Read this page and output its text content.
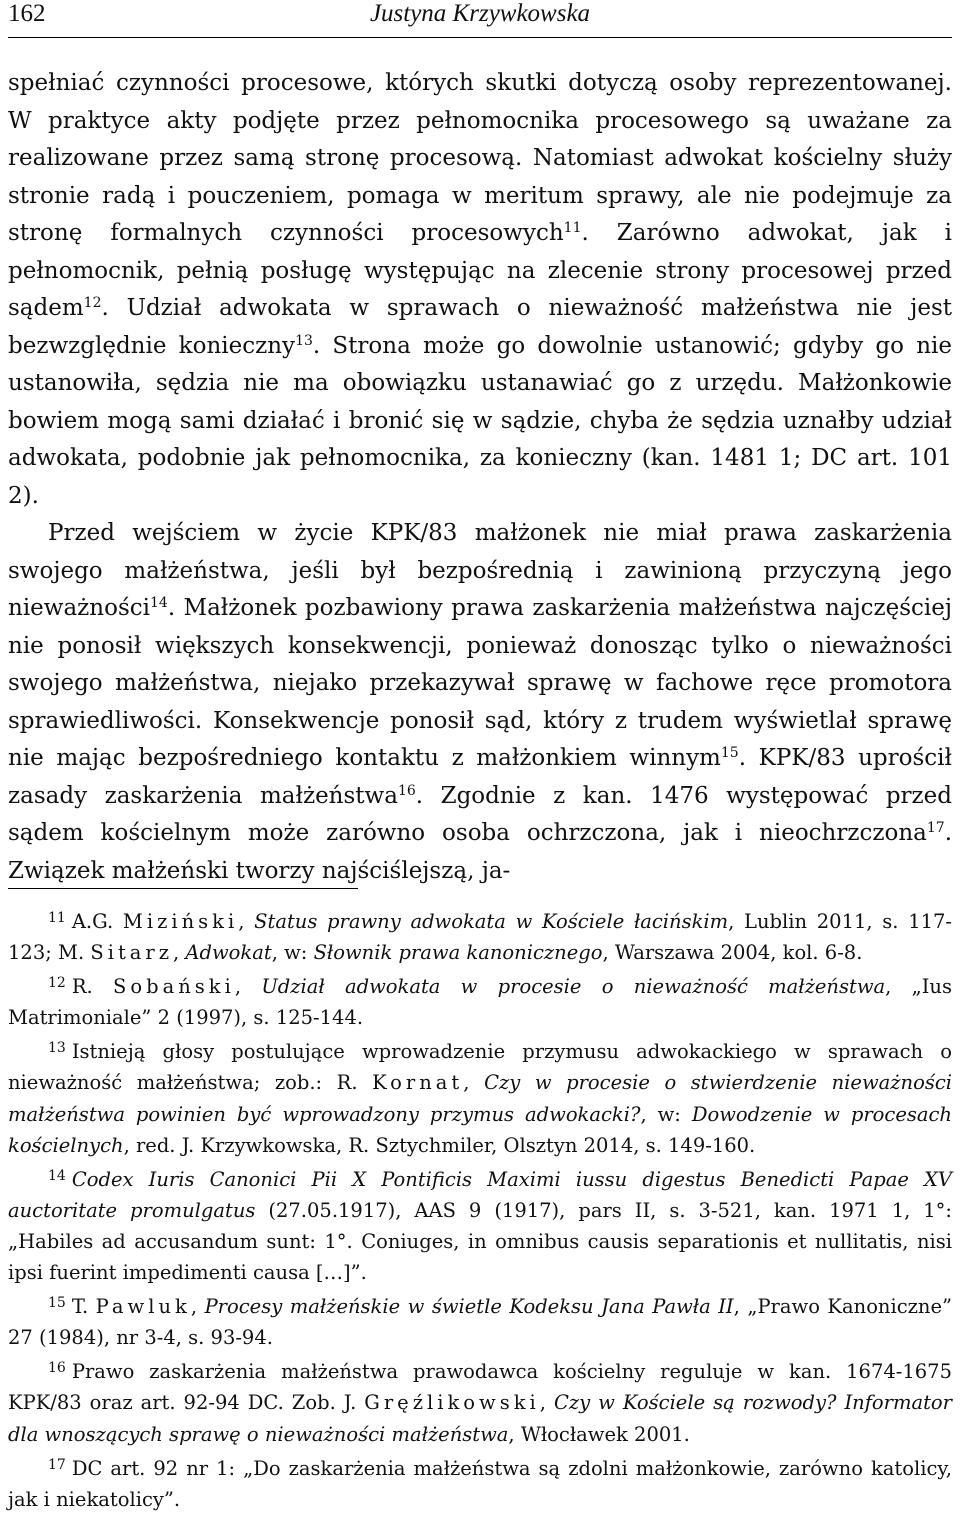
162	Justyna Krzywkowska

spełniać czynności procesowe, których skutki dotyczą osoby reprezentowanej. W praktyce akty podjęte przez pełnomocnika procesowego są uważane za realizowane przez samą stronę procesową. Natomiast adwokat kościelny służy stronie radą i pouczeniem, pomaga w meritum sprawy, ale nie podejmuje za stronę formalnych czynności procesowych$^{11}$. Zarówno adwokat, jak i pełnomocnik, pełnią posługę występując na zlecenie strony procesowej przed sądem$^{12}$. Udział adwokata w sprawach o nieważność małżeństwa nie jest bezwzględnie konieczny$^{13}$. Strona może go dowolnie ustanowić; gdyby go nie ustanowiła, sędzia nie ma obowiązku ustanawiać go z urzędu. Małżonkowie bowiem mogą sami działać i bronić się w sądzie, chyba że sędzia uznałby udział adwokata, podobnie jak pełnomocnika, za konieczny (kan. 1481 1; DC art. 101 2).

Przed wejściem w życie KPK/83 małżonek nie miał prawa zaskarżenia swojego małżeństwa, jeśli był bezpośrednią i zawinioną przyczyną jego nieważności$^{14}$. Małżonek pozbawiony prawa zaskarżenia małżeństwa najczęściej nie ponosił większych konsekwencji, ponieważ donosząc tylko o nieważności swojego małżeństwa, niejako przekazywał sprawę w fachowe ręce promotora sprawiedliwości. Konsekwencje ponosił sąd, który z trudem wyświetlał sprawę nie mając bezpośredniego kontaktu z małżonkiem winnym$^{15}$. KPK/83 uprościł zasady zaskarżenia małżeństwa$^{16}$. Zgodnie z kan. 1476 występować przed sądem kościelnym może zarówno osoba ochrzczona, jak i nieochrzczona$^{17}$. Związek małżeński tworzy najściślejszą, ja-

$^{11}$ A.G. Miziński, Status prawny adwokata w Kościele łacińskim, Lublin 2011, s. 117-123; M. Sitarz, Adwokat, w: Słownik prawa kanonicznego, Warszawa 2004, kol. 6-8.

$^{12}$ R. Sobański, Udział adwokata w procesie o nieważność małżeństwa, „Ius Matrimoniale” 2 (1997), s. 125-144.

$^{13}$ Istnieją głosy postulujące wprowadzenie przymusu adwokackiego w sprawach o nieważność małżeństwa; zob.: R. Kornat, Czy w procesie o stwierdzenie nieważności małżeństwa powinien być wprowadzony przymus adwokacki?, w: Dowodzenie w procesach kościelnych, red. J. Krzywkowska, R. Sztychmiler, Olsztyn 2014, s. 149-160.

$^{14}$ Codex Iuris Canonici Pii X Pontificis Maximi iussu digestus Benedicti Papae XV auctoritate promulgatus (27.05.1917), AAS 9 (1917), pars II, s. 3-521, kan. 1971 1, 1°: „Habiles ad accusandum sunt: 1°. Coniuges, in omnibus causis separationis et nullitatis, nisi ipsi fuerint impedimenti causa […]”.

$^{15}$ T. Pawluk, Procesy małżeńskie w świetle Kodeksu Jana Pawła II, „Prawo Kanoniczne” 27 (1984), nr 3-4, s. 93-94.

$^{16}$ Prawo zaskarżenia małżeństwa prawodawca kościelny reguluje w kan. 1674-1675 KPK/83 oraz art. 92-94 DC. Zob. J. Gręźlikowski, Czy w Kościele są rozwody? Informator dla wnoszących sprawę o nieważności małżeństwa, Włocławek 2001.

$^{17}$ DC art. 92 nr 1: „Do zaskarżenia małżeństwa są zdolni małżonkowie, zarówno katolicy, jak i niekatolicy”.
